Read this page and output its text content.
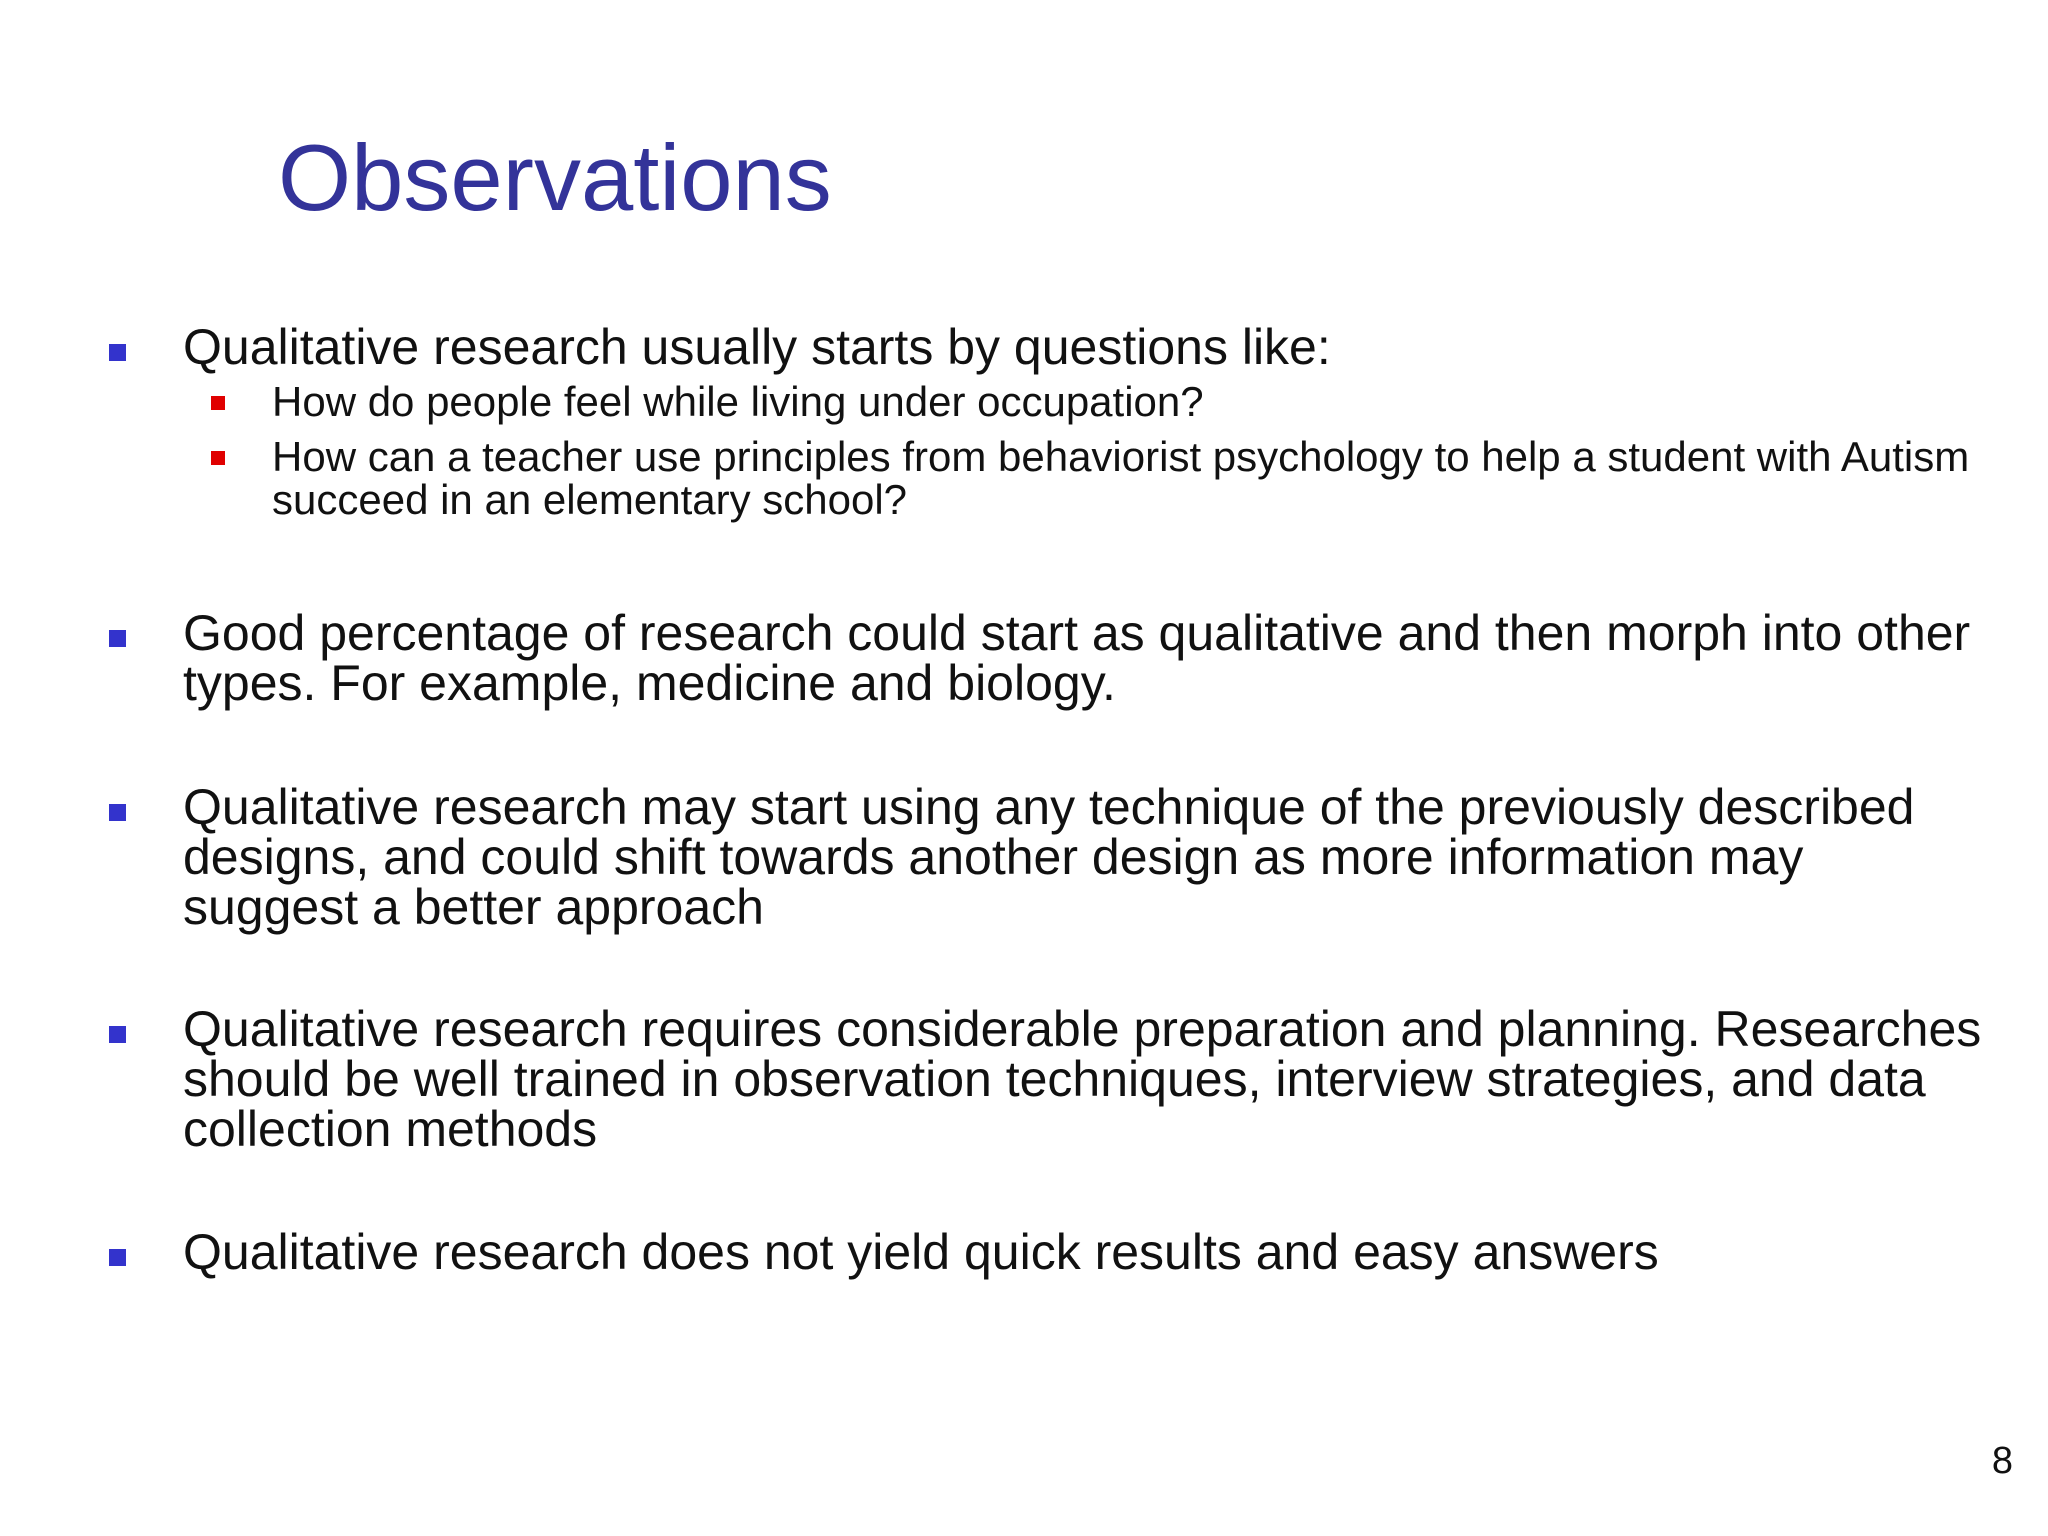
Observations
Qualitative research usually starts by questions like:
How do people feel while living under occupation?
How can a teacher use principles from behaviorist psychology to help a student with Autism succeed in an elementary school?
Good percentage of research could start as qualitative and then morph into other types. For example, medicine and biology.
Qualitative research may start using any technique of the previously described designs, and could shift towards another design as more information may suggest a better approach
Qualitative research requires considerable preparation and planning. Researches should be well trained in observation techniques, interview strategies, and data collection methods
Qualitative research does not yield quick results and easy answers
8
